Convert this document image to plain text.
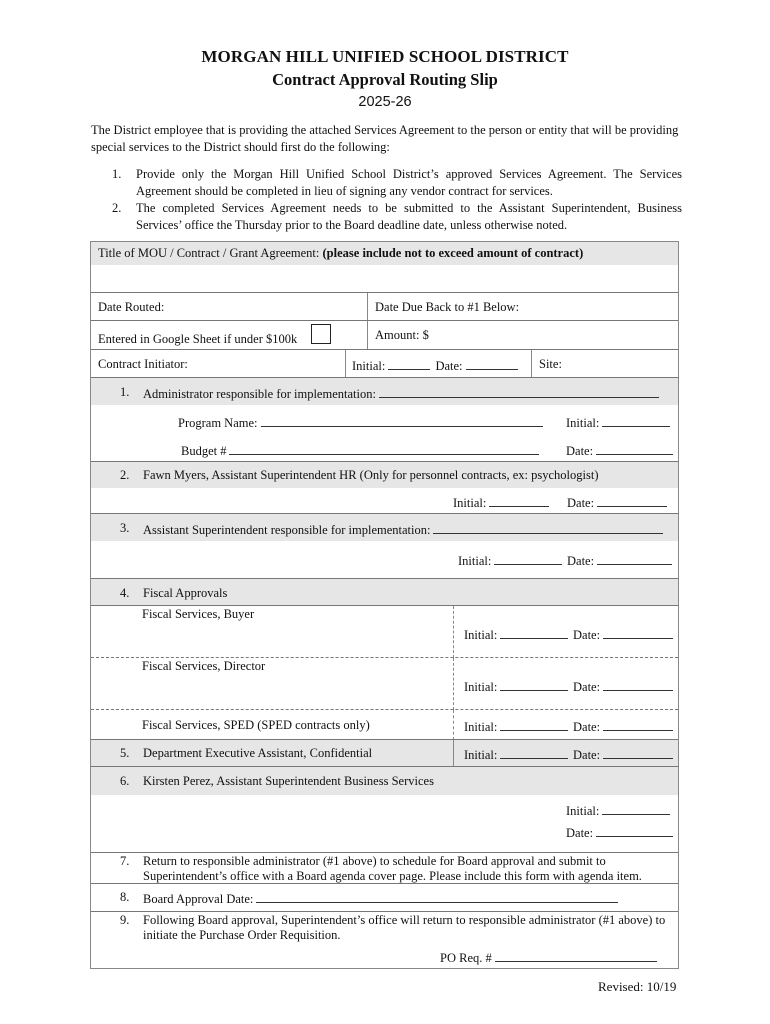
MORGAN HILL UNIFIED SCHOOL DISTRICT
Contract Approval Routing Slip
2025-26
The District employee that is providing the attached Services Agreement to the person or entity that will be providing special services to the District should first do the following:
1. Provide only the Morgan Hill Unified School District’s approved Services Agreement. The Services Agreement should be completed in lieu of signing any vendor contract for services.
2. The completed Services Agreement needs to be submitted to the Assistant Superintendent, Business Services’ office the Thursday prior to the Board deadline date, unless otherwise noted.
Title of MOU / Contract / Grant Agreement: (please include not to exceed amount of contract)
Date Routed:	Date Due Back to #1 Below:
Entered in Google Sheet if under $100k	Amount: $
Contract Initiator:	Initial:	Date:	Site:
1. Administrator responsible for implementation:
Program Name:	Initial:
Budget #	Date:
2. Fawn Myers, Assistant Superintendent HR (Only for personnel contracts, ex: psychologist)
Initial:	Date:
3. Assistant Superintendent responsible for implementation:
Initial:	Date:
4. Fiscal Approvals
Fiscal Services, Buyer
Initial:	Date:
Fiscal Services, Director
Initial:	Date:
Fiscal Services, SPED (SPED contracts only)	Initial:	Date:
5. Department Executive Assistant, Confidential	Initial:	Date:
6. Kirsten Perez, Assistant Superintendent Business Services
Initial:
Date:
7. Return to responsible administrator (#1 above) to schedule for Board approval and submit to
Superintendent’s office with a Board agenda cover page. Please include this form with agenda item.
8. Board Approval Date:
9. Following Board approval, Superintendent’s office will return to responsible administrator (#1 above) to
initiate the Purchase Order Requisition.
PO Req. #
Revised: 10/19
